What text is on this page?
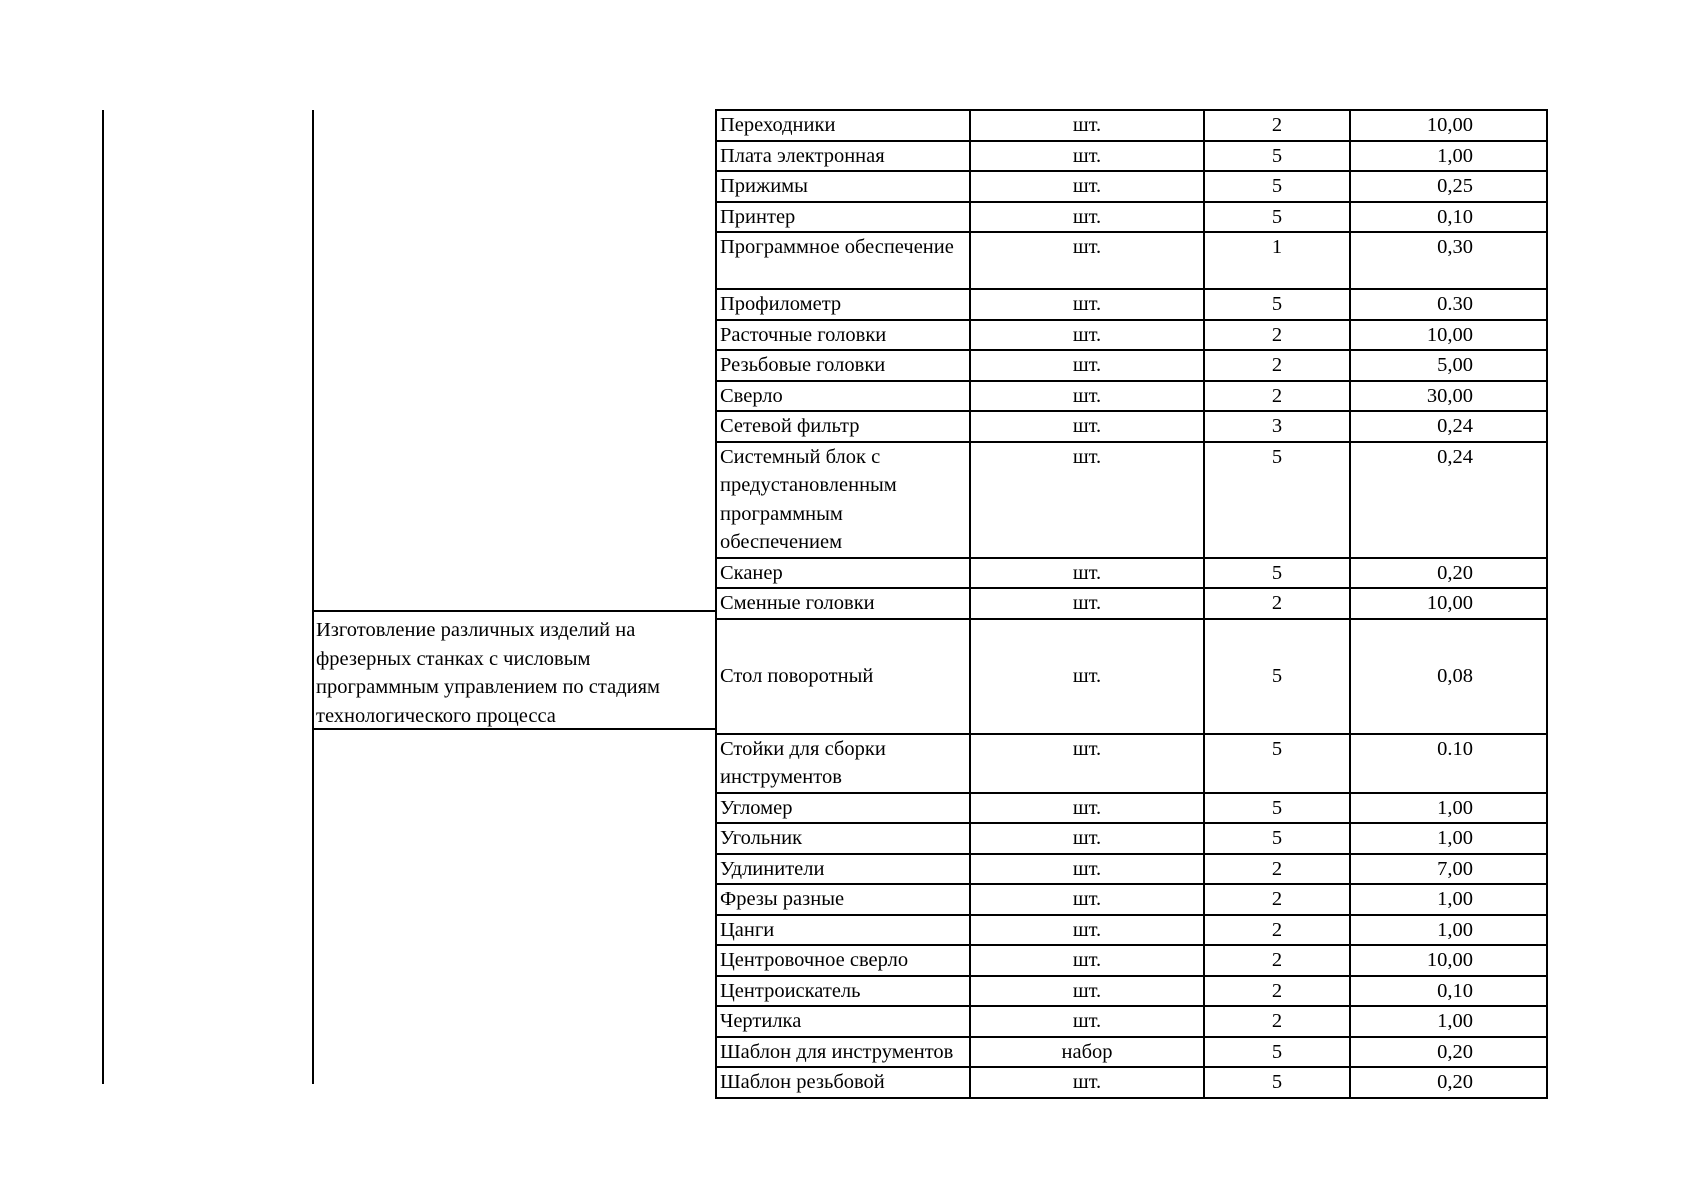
Изготовление различных изделий на фрезерных станках с числовым программным управлением по стадиям технологического процесса
Переходники	шт.	2	10,00
Плата электронная	шт.	5	1,00
Прижимы	шт.	5	0,25
Принтер	шт.	5	0,10
Программное обеспечение	шт.	1	0,30
Профилометр	шт.	5	0.30
Расточные головки	шт.	2	10,00
Резьбовые головки	шт.	2	5,00
Сверло	шт.	2	30,00
Сетевой фильтр	шт.	3	0,24
Системный блок с предустановленным программным обеспечением	шт.	5	0,24
Сканер	шт.	5	0,20
Сменные головки	шт.	2	10,00
Стол поворотный	шт.	5	0,08
Стойки для сборки инструментов	шт.	5	0.10
Угломер	шт.	5	1,00
Угольник	шт.	5	1,00
Удлинители	шт.	2	7,00
Фрезы разные	шт.	2	1,00
Цанги	шт.	2	1,00
Центровочное сверло	шт.	2	10,00
Центроискатель	шт.	2	0,10
Чертилка	шт.	2	1,00
Шаблон для инструментов	набор	5	0,20
Шаблон резьбовой	шт.	5	0,20
